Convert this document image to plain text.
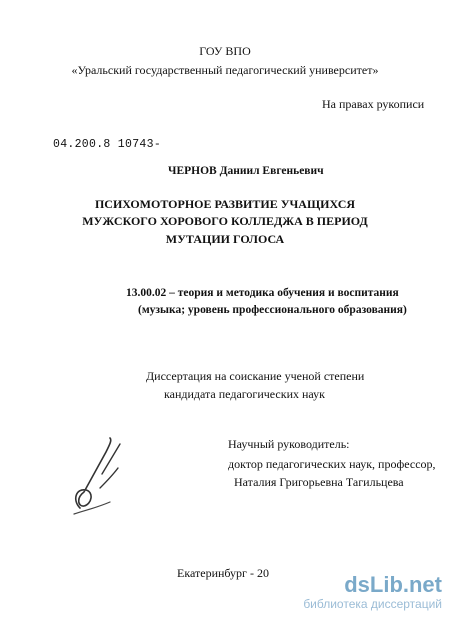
ГОУ ВПО
«Уральский государственный педагогический университет»
На правах рукописи
04.200.8 10743-
ЧЕРНОВ Даниил Евгеньевич
ПСИХОМОТОРНОЕ РАЗВИТИЕ УЧАЩИХСЯ
МУЖСКОГО ХОРОВОГО КОЛЛЕДЖА В ПЕРИОД
МУТАЦИИ ГОЛОСА
13.00.02 – теория и методика обучения и воспитания
(музыка; уровень профессионального образования)
Диссертация на соискание ученой степени
кандидата педагогических наук
Научный руководитель:
доктор педагогических наук, профессор,
Наталия Григорьевна Тагильцева
Екатеринбург - 20	dsLib.net
библиотека диссертаций
